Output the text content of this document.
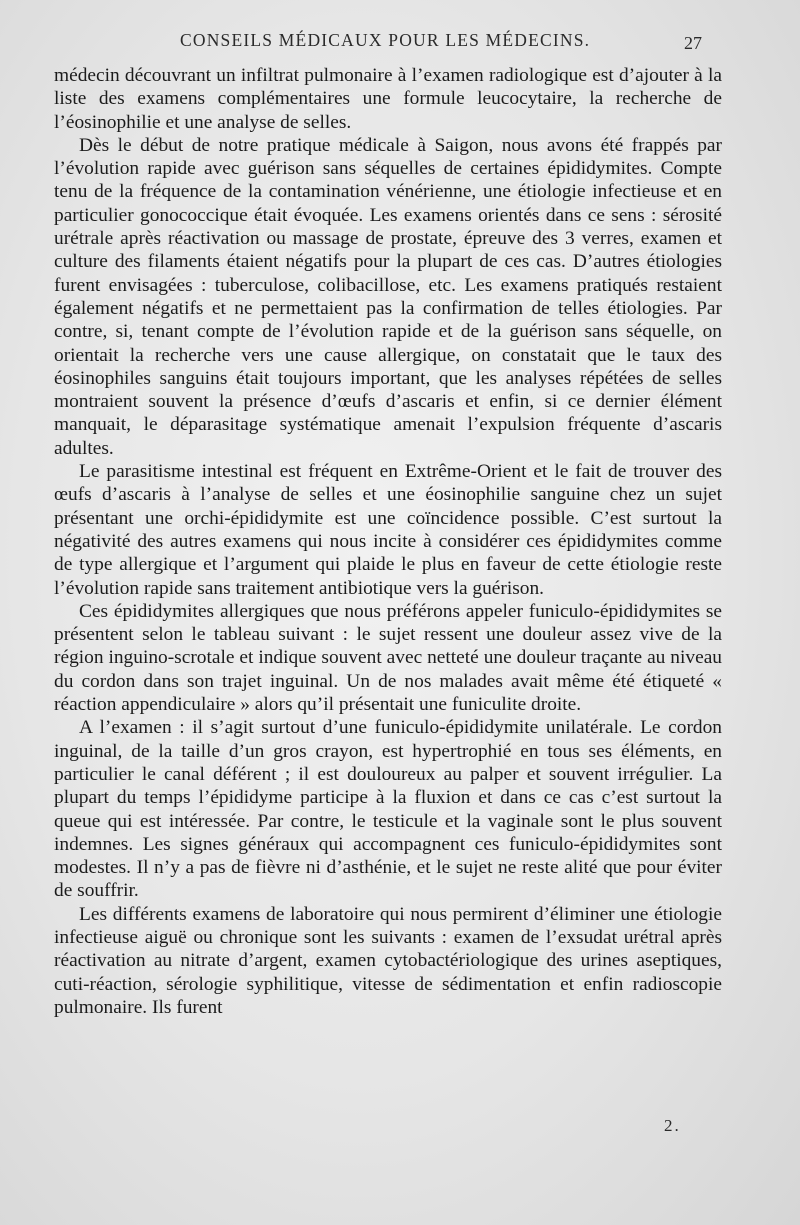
CONSEILS MÉDICAUX POUR LES MÉDECINS.	27

médecin découvrant un infiltrat pulmonaire à l’examen radiologique est d’ajouter à la liste des examens complémentaires une formule leucocytaire, la recherche de l’éosinophilie et une analyse de selles.

Dès le début de notre pratique médicale à Saigon, nous avons été frappés par l’évolution rapide avec guérison sans séquelles de certaines épididymites. Compte tenu de la fréquence de la contamination vénérienne, une étiologie infectieuse et en particulier gonococcique était évoquée. Les examens orientés dans ce sens : sérosité urétrale après réactivation ou massage de prostate, épreuve des 3 verres, examen et culture des filaments étaient négatifs pour la plupart de ces cas. D’autres étiologies furent envisagées : tuberculose, colibacillose, etc. Les examens pratiqués restaient également négatifs et ne permettaient pas la confirmation de telles étiologies. Par contre, si, tenant compte de l’évolution rapide et de la guérison sans séquelle, on orientait la recherche vers une cause allergique, on constatait que le taux des éosinophiles sanguins était toujours important, que les analyses répétées de selles montraient souvent la présence d’œufs d’ascaris et enfin, si ce dernier élément manquait, le déparasitage systématique amenait l’expulsion fréquente d’ascaris adultes.

Le parasitisme intestinal est fréquent en Extrême-Orient et le fait de trouver des œufs d’ascaris à l’analyse de selles et une éosinophilie sanguine chez un sujet présentant une orchi-épididymite est une coïncidence possible. C’est surtout la négativité des autres examens qui nous incite à considérer ces épididymites comme de type allergique et l’argument qui plaide le plus en faveur de cette étiologie reste l’évolution rapide sans traitement antibiotique vers la guérison.

Ces épididymites allergiques que nous préférons appeler funiculo-épididymites se présentent selon le tableau suivant : le sujet ressent une douleur assez vive de la région inguino-scrotale et indique souvent avec netteté une douleur traçante au niveau du cordon dans son trajet inguinal. Un de nos malades avait même été étiqueté « réaction appendiculaire » alors qu’il présentait une funiculite droite.

A l’examen : il s’agit surtout d’une funiculo-épididymite unilatérale. Le cordon inguinal, de la taille d’un gros crayon, est hypertrophié en tous ses éléments, en particulier le canal déférent ; il est douloureux au palper et souvent irrégulier. La plupart du temps l’épididyme participe à la fluxion et dans ce cas c’est surtout la queue qui est intéressée. Par contre, le testicule et la vaginale sont le plus souvent indemnes. Les signes généraux qui accompagnent ces funiculo-épididymites sont modestes. Il n’y a pas de fièvre ni d’asthénie, et le sujet ne reste alité que pour éviter de souffrir.

Les différents examens de laboratoire qui nous permirent d’éliminer une étiologie infectieuse aiguë ou chronique sont les suivants : examen de l’exsudat urétral après réactivation au nitrate d’argent, examen cytobactériologique des urines aseptiques, cuti-réaction, sérologie syphilitique, vitesse de sédimentation et enfin radioscopie pulmonaire. Ils furent

2.
